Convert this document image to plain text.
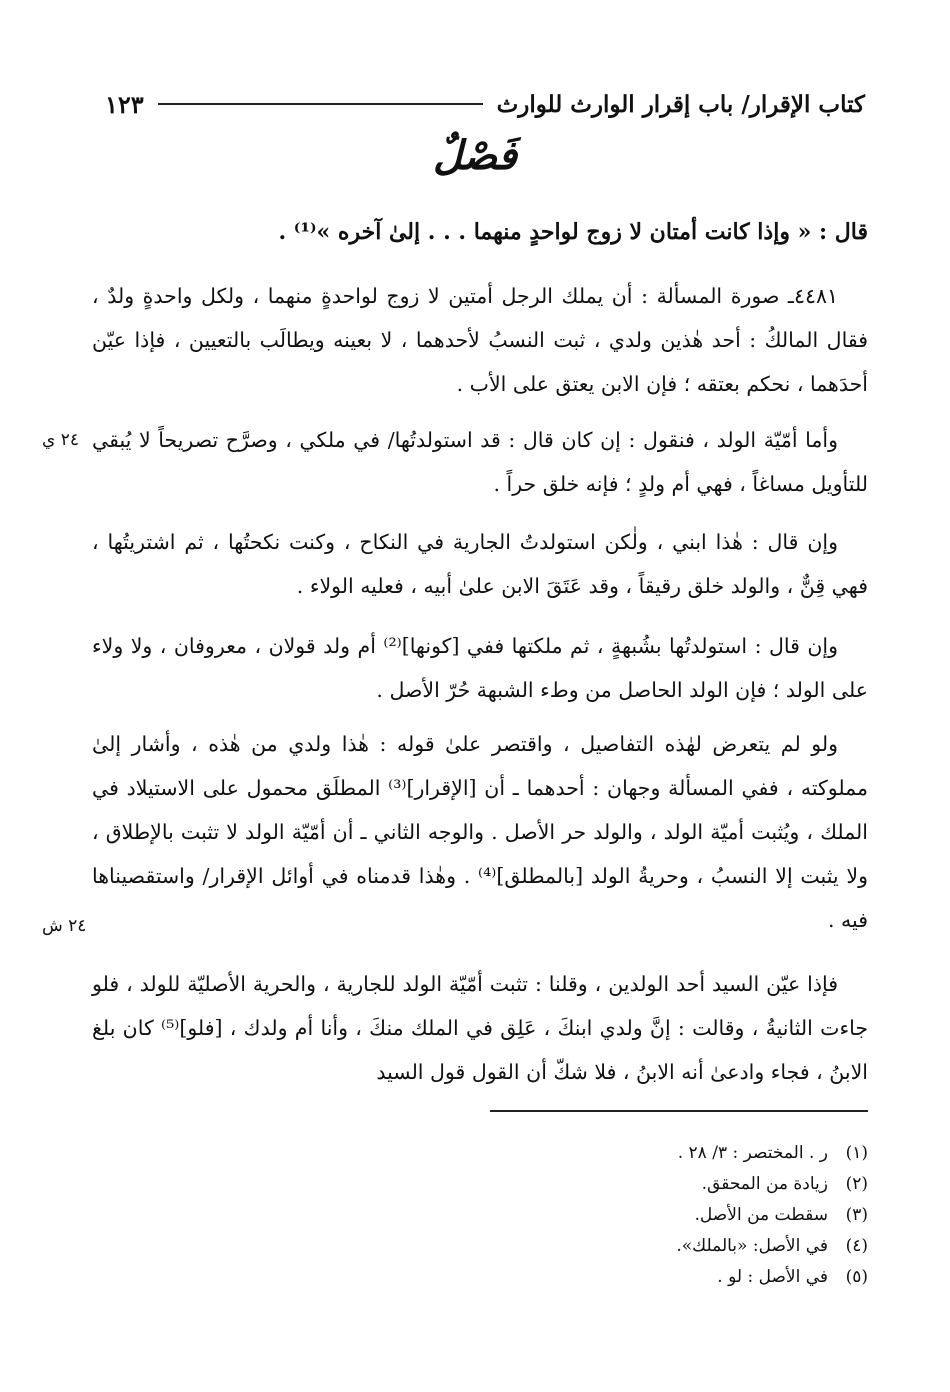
كتاب الإقرار/ باب إقرار الوارث للوارث
١٢٣
فَصْلٌ
قال : « وإذا كانت أمتان لا زوج لواحدٍ منهما . . . إلىٰ آخره »⁽¹⁾ .
٤٤٨١ـ صورة المسألة : أن يملك الرجل أمتين لا زوج لواحدةٍ منهما ، ولكل واحدةٍ ولدٌ ، فقال المالكُ : أحد هٰذين ولدي ، ثبت النسبُ لأحدهما ، لا بعينه ويطالَب بالتعيين ، فإذا عيّن أحدَهما ، نحكم بعتقه ؛ فإن الابن يعتق على الأب .
وأما أمّيّة الولد ، فنقول : إن كان قال : قد استولدتُها/ في ملكي ، وصرَّح تصريحاً لا يُبقي للتأويل مساغاً ، فهي أم ولدٍ ؛ فإنه خلق حراً .
٢٤ ي
وإن قال : هٰذا ابني ، ولٰكن استولدتُ الجارية في النكاح ، وكنت نكحتُها ، ثم اشتريتُها ، فهي قِنٌّ ، والولد خلق رقيقاً ، وقد عَتَقَ الابن علىٰ أبيه ، فعليه الولاء .
وإن قال : استولدتُها بشُبهةٍ ، ثم ملكتها ففي [كونها]⁽²⁾ أم ولد قولان ، معروفان ، ولا ولاء على الولد ؛ فإن الولد الحاصل من وطء الشبهة حُرّ الأصل .
ولو لم يتعرض لهٰذه التفاصيل ، واقتصر علىٰ قوله : هٰذا ولدي من هٰذه ، وأشار إلىٰ مملوكته ، ففي المسألة وجهان : أحدهما ـ أن [الإقرار]⁽³⁾ المطلَق محمول على الاستيلاد في الملك ، ويُثبت أميّة الولد ، والولد حر الأصل . والوجه الثاني ـ أن أمّيّة الولد لا تثبت بالإطلاق ، ولا يثبت إلا النسبُ ، وحريةُ الولد [بالمطلق]⁽⁴⁾ . وهٰذا قدمناه في أوائل الإقرار/ واستقصيناها فيه .
٢٤ ش
فإذا عيّن السيد أحد الولدين ، وقلنا : تثبت أمّيّة الولد للجارية ، والحرية الأصليّة للولد ، فلو جاءت الثانيةُ ، وقالت : إنَّ ولدي ابنكَ ، عَلِق في الملك منكَ ، وأنا أم ولدك ، [فلو]⁽⁵⁾ كان بلغ الابنُ ، فجاء وادعىٰ أنه الابنُ ، فلا شكّ أن القول قول السيد
(١)ر . المختصر : ٣/ ٢٨ .
(٢)زيادة من المحقق.
(٣)سقطت من الأصل.
(٤)في الأصل: «بالملك».
(٥)في الأصل : لو .
